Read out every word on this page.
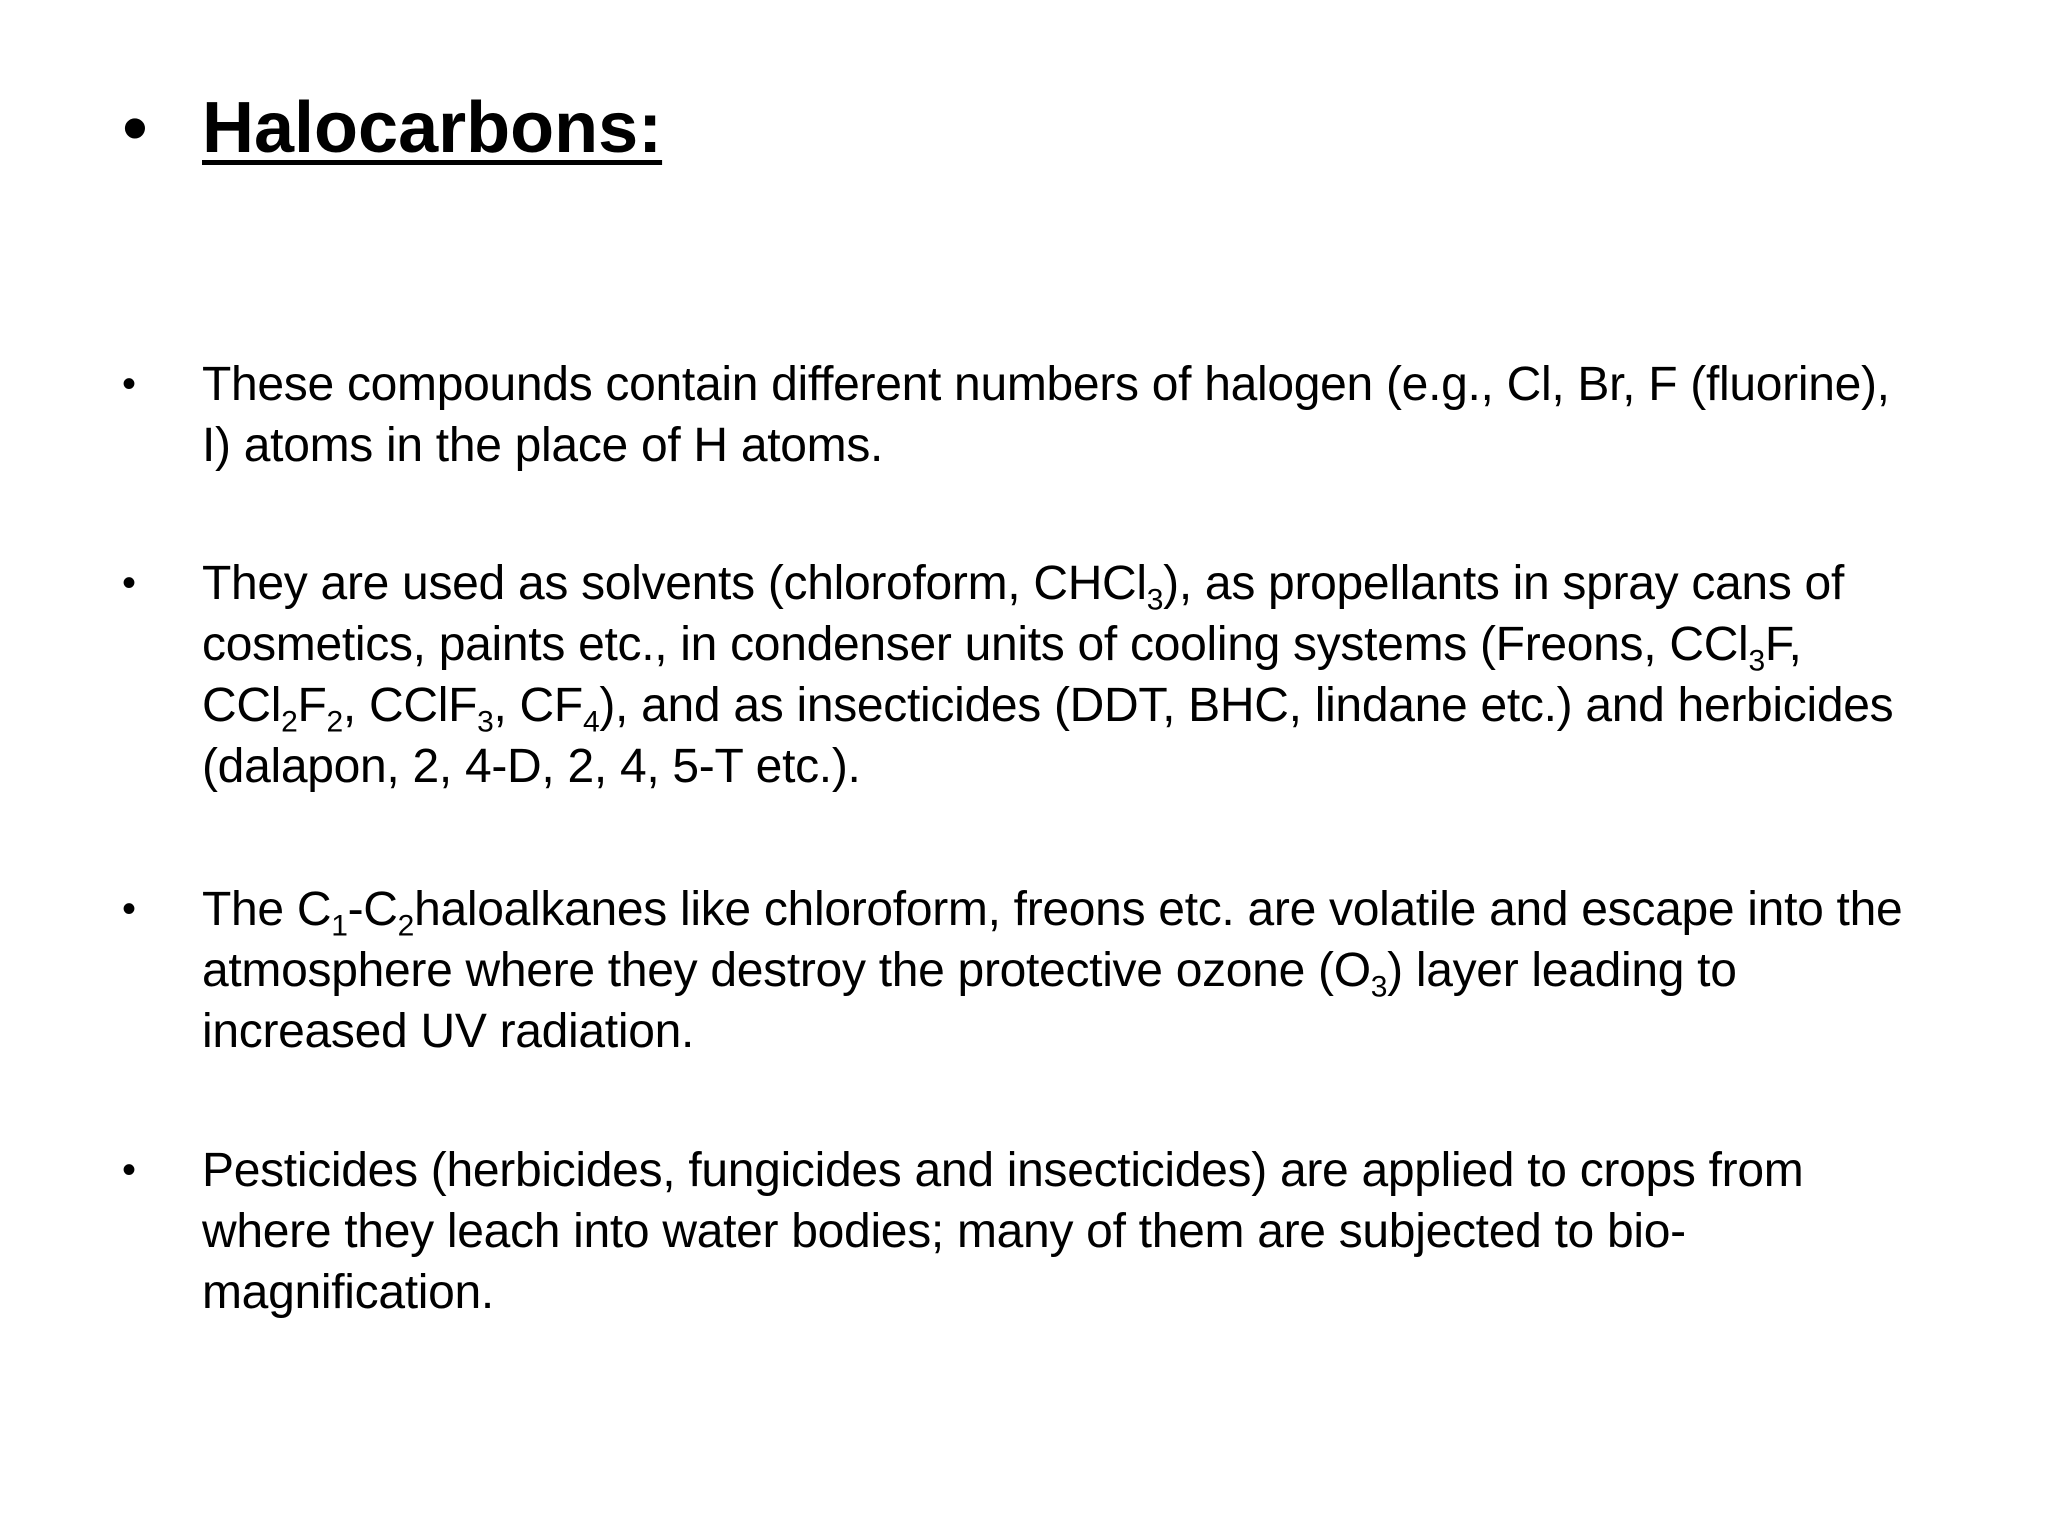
• Halocarbons:
•	These compounds contain different numbers of halogen (e.g., Cl, Br, F (fluorine), I) atoms in the place of H atoms.
•	They are used as solvents (chloroform, CHCl$_3$), as propellants in spray cans of cosmetics, paints etc., in condenser units of cooling systems (Freons, CCl$_3$F, $CCl_2F_2$, CClF$_3$, $CF_4$), and as insecticides (DDT, BHC, lindane etc.) and herbicides (dalapon, 2, 4-D, 2, 4, 5-T etc.).
•	The $C_1-C_2haloalkanes$ like chloroform, freons etc. are volatile and escape into the atmosphere where they destroy the protective ozone $(O_3)$ layer leading to increased UV radiation.
•	Pesticides (herbicides, fungicides and insecticides) are applied to crops from where they leach into water bodies; many of them are subjected to bio-magnification.
